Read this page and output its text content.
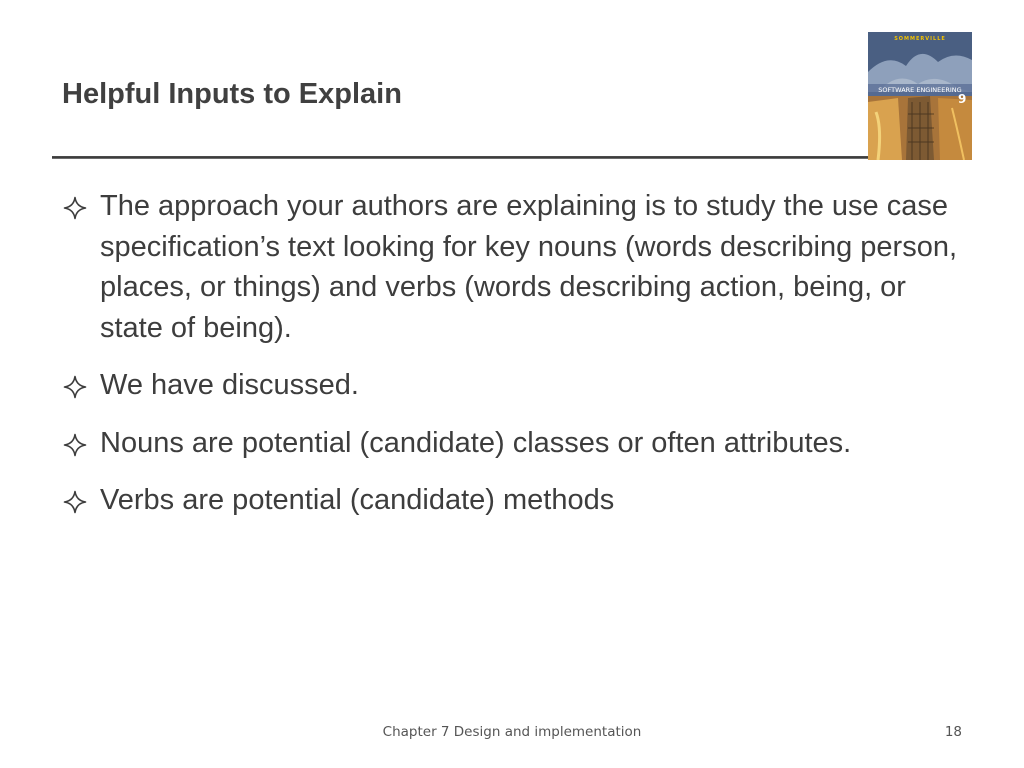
Helpful Inputs to Explain
SOMMERVILLE
SOFTWARE ENGINEERING
9
The approach your authors are explaining is to study the use case specification’s text looking for key nouns (words describing person, places, or things) and verbs (words describing action, being, or state of being).
We have discussed.
Nouns are potential (candidate) classes or often attributes.
Verbs are potential (candidate) methods
Chapter 7 Design and implementation	18
